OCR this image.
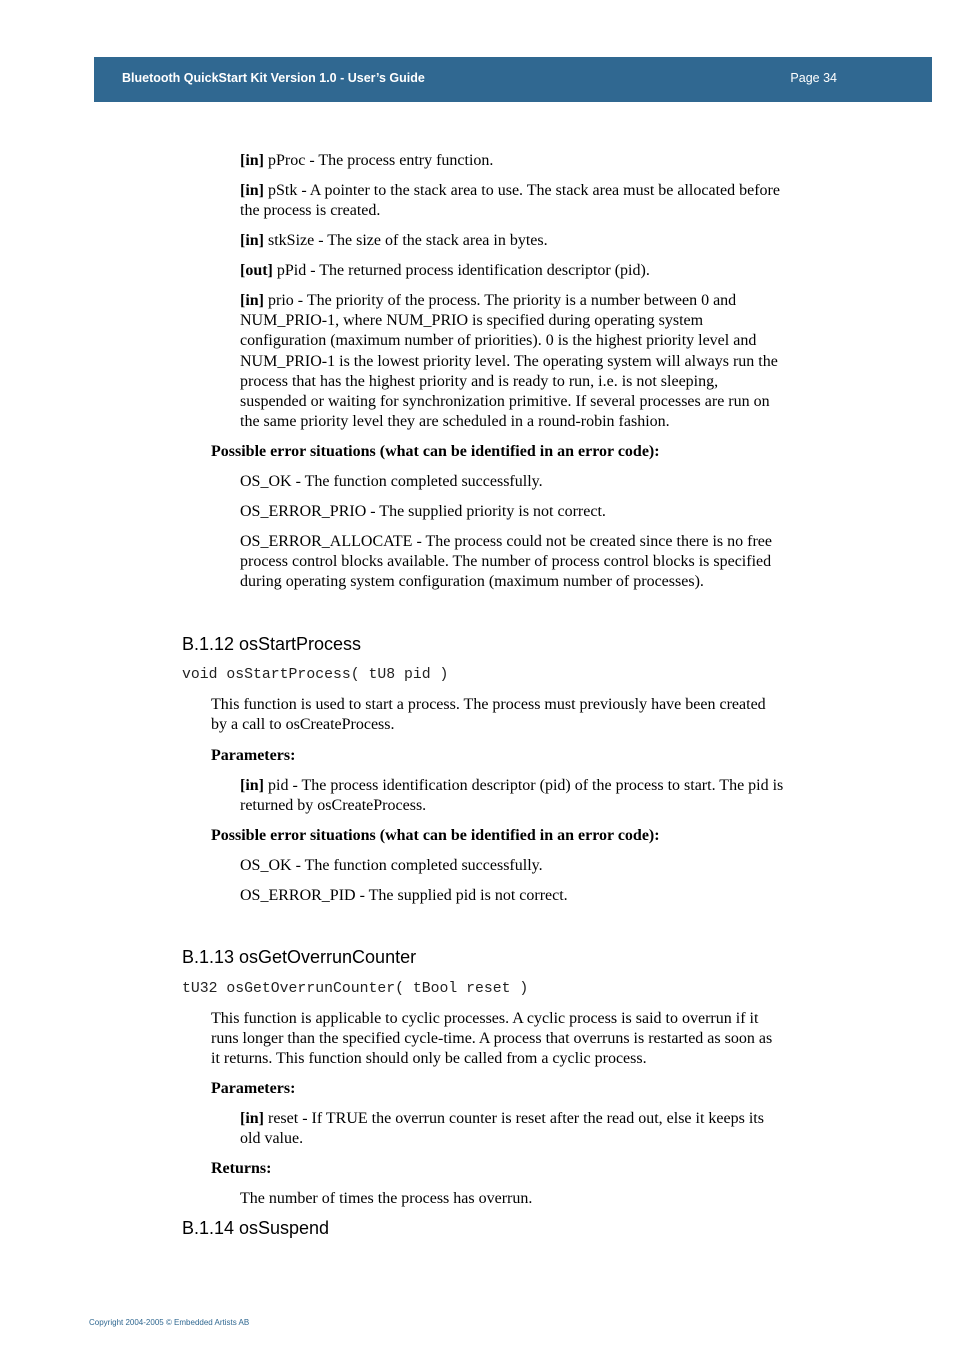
Bluetooth QuickStart Kit Version 1.0 - User’s Guide	Page 34

[in] pProc - The process entry function.

[in] pStk - A pointer to the stack area to use. The stack area must be allocated before
the process is created.

[in] stkSize - The size of the stack area in bytes.

[out] pPid - The returned process identification descriptor (pid).

[in] prio - The priority of the process. The priority is a number between 0 and
NUM_PRIO-1, where NUM_PRIO is specified during operating system
configuration (maximum number of priorities). 0 is the highest priority level and
NUM_PRIO-1 is the lowest priority level. The operating system will always run the
process that has the highest priority and is ready to run, i.e. is not sleeping,
suspended or waiting for synchronization primitive. If several processes are run on
the same priority level they are scheduled in a round-robin fashion.

Possible error situations (what can be identified in an error code):

OS_OK - The function completed successfully.

OS_ERROR_PRIO - The supplied priority is not correct.

OS_ERROR_ALLOCATE - The process could not be created since there is no free
process control blocks available. The number of process control blocks is specified
during operating system configuration (maximum number of processes).

B.1.12 osStartProcess

void osStartProcess( tU8 pid )

This function is used to start a process. The process must previously have been created
by a call to osCreateProcess.

Parameters:

[in] pid - The process identification descriptor (pid) of the process to start. The pid is
returned by osCreateProcess.

Possible error situations (what can be identified in an error code):

OS_OK - The function completed successfully.

OS_ERROR_PID - The supplied pid is not correct.

B.1.13 osGetOverrunCounter

tU32 osGetOverrunCounter( tBool reset )

This function is applicable to cyclic processes. A cyclic process is said to overrun if it
runs longer than the specified cycle-time. A process that overruns is restarted as soon as
it returns. This function should only be called from a cyclic process.

Parameters:

[in] reset - If TRUE the overrun counter is reset after the read out, else it keeps its
old value.

Returns:

The number of times the process has overrun.

B.1.14 osSuspend
Copyright 2004-2005 © Embedded Artists AB
